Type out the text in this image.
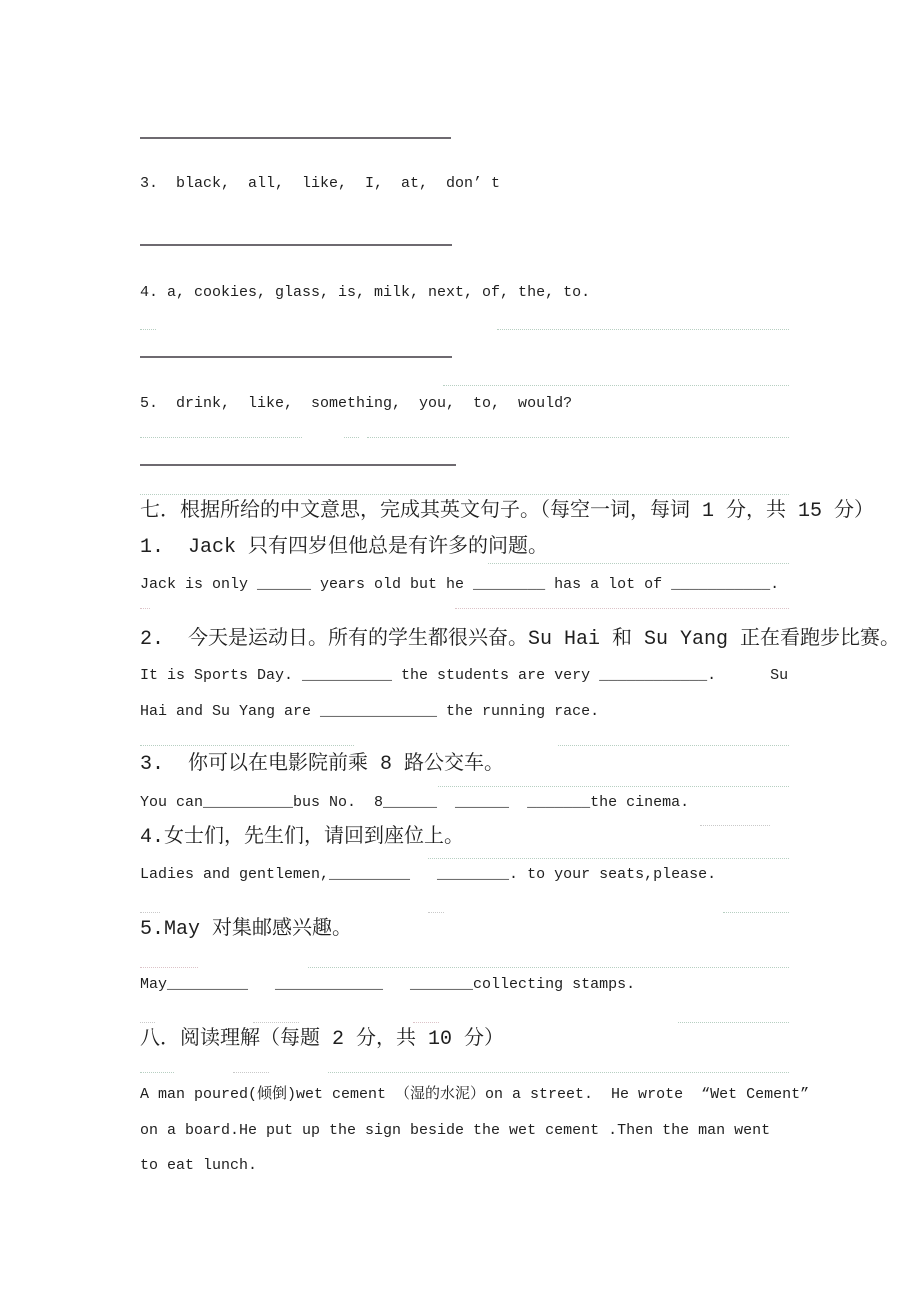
3.  black,  all,  like,  I,  at,  don’ t
4. a, cookies, glass, is, milk, next, of, the, to.
5.  drink,  like,  something,  you,  to,  would?
七．根据所给的中文意思，完成其英文句子。（每空一词，每词 1 分，共 15 分）
1.  Jack 只有四岁但他总是有许多的问题。
Jack is only ______ years old but he ________ has a lot of ___________.
2.  今天是运动日。所有的学生都很兴奋。Su Hai 和 Su Yang 正在看跑步比赛。
It is Sports Day. __________ the students are very ____________.      Su
Hai and Su Yang are _____________ the running race.
3.  你可以在电影院前乘 8 路公交车。
You can__________bus No.  8______  ______  _______the cinema.
4.女士们，先生们，请回到座位上。
Ladies and gentlemen,_________   ________. to your seats,please.
5.May 对集邮感兴趣。
May_________   ____________   _______collecting stamps.
八．阅读理解（每题 2 分，共 10 分）
A man poured(倾倒)wet cement （湿的水泥）on a street.  He wrote  “Wet Cement”
on a board.He put up the sign beside the wet cement .Then the man went
to eat lunch.
